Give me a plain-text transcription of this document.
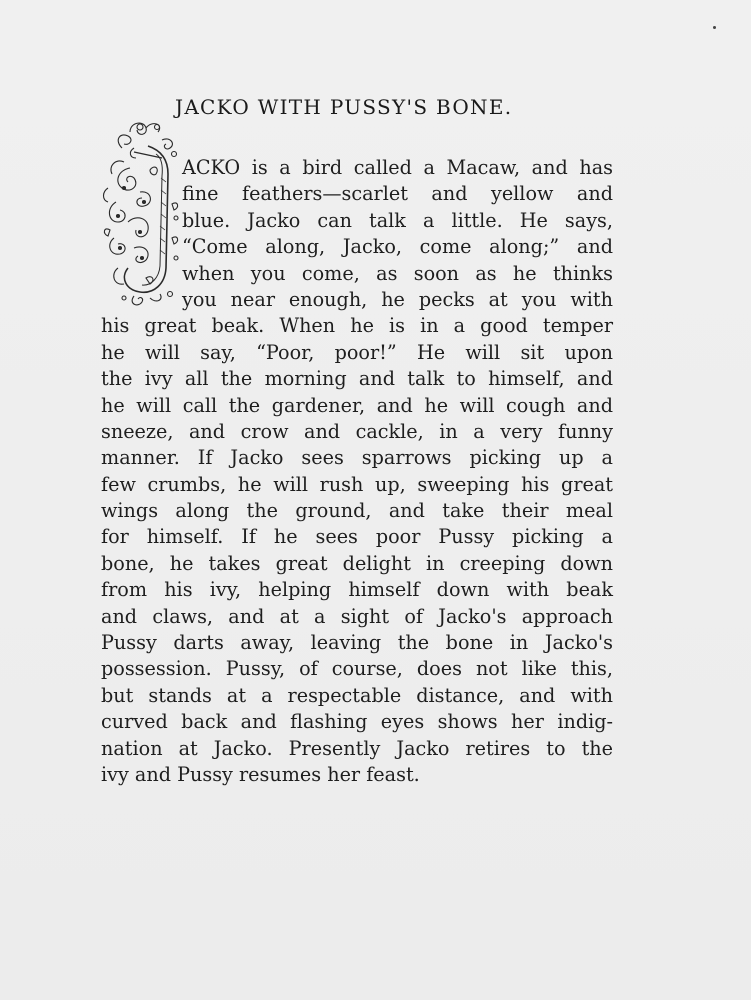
JACKO WITH PUSSY'S BONE.
ACKO is a bird called a Macaw, and has
fine feathers—scarlet and yellow and
blue. Jacko can talk a little. He says,
“Come along, Jacko, come along;” and
when you come, as soon as he thinks
you near enough, he pecks at you with
his great beak. When he is in a good temper
he will say, “Poor, poor!” He will sit upon
the ivy all the morning and talk to himself, and
he will call the gardener, and he will cough and
sneeze, and crow and cackle, in a very funny
manner. If Jacko sees sparrows picking up a
few crumbs, he will rush up, sweeping his great
wings along the ground, and take their meal
for himself. If he sees poor Pussy picking a
bone, he takes great delight in creeping down
from his ivy, helping himself down with beak
and claws, and at a sight of Jacko's approach
Pussy darts away, leaving the bone in Jacko's
possession. Pussy, of course, does not like this,
but stands at a respectable distance, and with
curved back and flashing eyes shows her indig-
nation at Jacko. Presently Jacko retires to the
ivy and Pussy resumes her feast.
